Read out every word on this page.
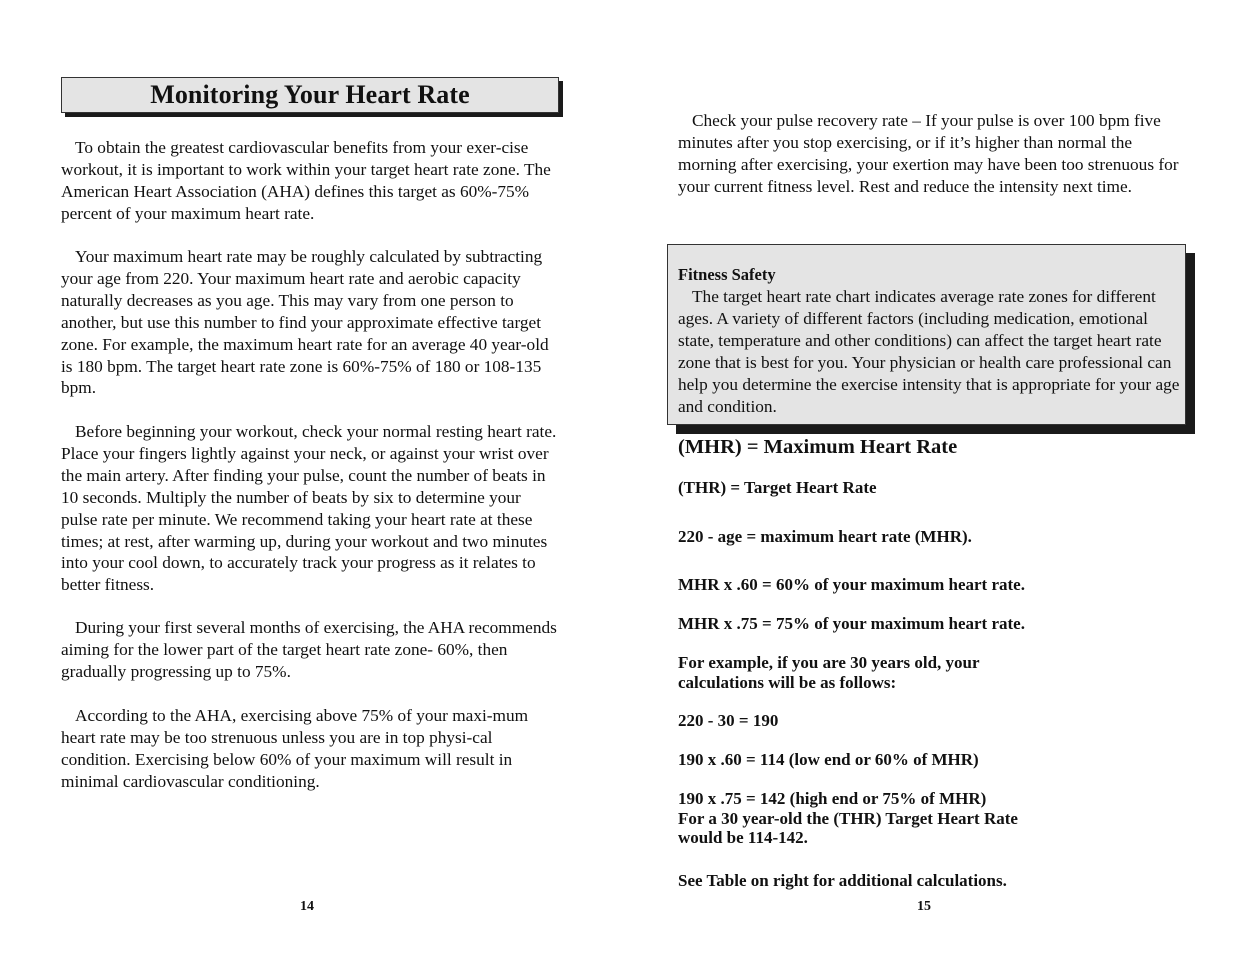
Monitoring Your Heart Rate

To obtain the greatest cardiovascular benefits from your exer-cise workout, it is important to work within your target heart rate zone. The American Heart Association (AHA) defines this target as 60%-75% percent of your maximum heart rate.

Your maximum heart rate may be roughly calculated by subtracting your age from 220. Your maximum heart rate and aerobic capacity naturally decreases as you age. This may vary from one person to another, but use this number to find your approximate effective target zone. For example, the maximum heart rate for an average 40 year-old is 180 bpm. The target heart rate zone is 60%-75% of 180 or 108-135 bpm.

Before beginning your workout, check your normal resting heart rate. Place your fingers lightly against your neck, or against your wrist over the main artery. After finding your pulse, count the number of beats in 10 seconds. Multiply the number of beats by six to determine your pulse rate per minute. We recommend taking your heart rate at these times; at rest, after warming up, during your workout and two minutes into your cool down, to accurately track your progress as it relates to better fitness.

During your first several months of exercising, the AHA recommends aiming for the lower part of the target heart rate zone- 60%, then gradually progressing up to 75%.

According to the AHA, exercising above 75% of your maxi-mum heart rate may be too strenuous unless you are in top physi-cal condition. Exercising below 60% of your maximum will result in minimal cardiovascular conditioning.

14

Check your pulse recovery rate – If your pulse is over 100 bpm five minutes after you stop exercising, or if it’s higher than normal the morning after exercising, your exertion may have been too strenuous for your current fitness level. Rest and reduce the intensity next time.

Fitness Safety

The target heart rate chart indicates average rate zones for different ages. A variety of different factors (including medication, emotional state, temperature and other conditions) can affect the target heart rate zone that is best for you. Your physician or health care professional can help you determine the exercise intensity that is appropriate for your age and condition.

(MHR) = Maximum Heart Rate

(THR) = Target Heart Rate

220 - age = maximum heart rate (MHR).

MHR x .60 = 60% of your maximum heart rate.

MHR x .75 = 75% of your maximum heart rate.

For example, if you are 30 years old, your

calculations will be as follows:

220 - 30 = 190

190 x .60 = 114 (low end or 60% of MHR)

190 x .75 = 142 (high end or 75% of MHR)

For a 30 year-old the (THR) Target Heart Rate

would be 114-142.

See Table on right for additional calculations.

15
